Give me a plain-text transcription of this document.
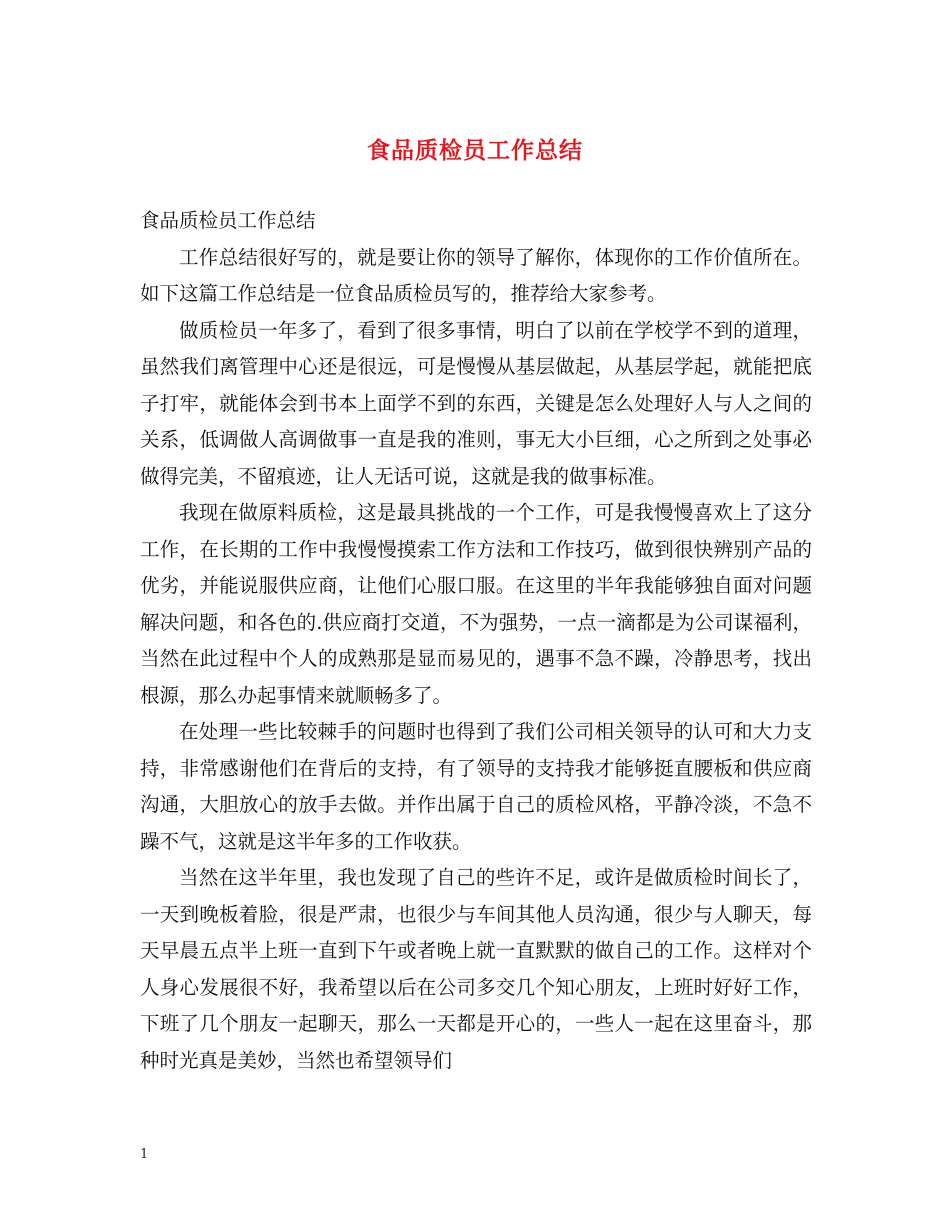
食品质检员工作总结

食品质检员工作总结

工作总结很好写的，就是要让你的领导了解你，体现你的工作价值所在。如下这篇工作总结是一位食品质检员写的，推荐给大家参考。

做质检员一年多了，看到了很多事情，明白了以前在学校学不到的道理，虽然我们离管理中心还是很远，可是慢慢从基层做起，从基层学起，就能把底子打牢，就能体会到书本上面学不到的东西，关键是怎么处理好人与人之间的关系，低调做人高调做事一直是我的准则，事无大小巨细，心之所到之处事必做得完美，不留痕迹，让人无话可说，这就是我的做事标准。

我现在做原料质检，这是最具挑战的一个工作，可是我慢慢喜欢上了这分工作，在长期的工作中我慢慢摸索工作方法和工作技巧，做到很快辨别产品的优劣，并能说服供应商，让他们心服口服。在这里的半年我能够独自面对问题解决问题，和各色的.供应商打交道，不为强势，一点一滴都是为公司谋福利，当然在此过程中个人的成熟那是显而易见的，遇事不急不躁，冷静思考，找出根源，那么办起事情来就顺畅多了。

在处理一些比较棘手的问题时也得到了我们公司相关领导的认可和大力支持，非常感谢他们在背后的支持，有了领导的支持我才能够挺直腰板和供应商沟通，大胆放心的放手去做。并作出属于自己的质检风格，平静冷淡，不急不躁不气，这就是这半年多的工作收获。

当然在这半年里，我也发现了自己的些许不足，或许是做质检时间长了，一天到晚板着脸，很是严肃，也很少与车间其他人员沟通，很少与人聊天，每天早晨五点半上班一直到下午或者晚上就一直默默的做自己的工作。这样对个人身心发展很不好，我希望以后在公司多交几个知心朋友，上班时好好工作，下班了几个朋友一起聊天，那么一天都是开心的，一些人一起在这里奋斗，那种时光真是美妙，当然也希望领导们

1
